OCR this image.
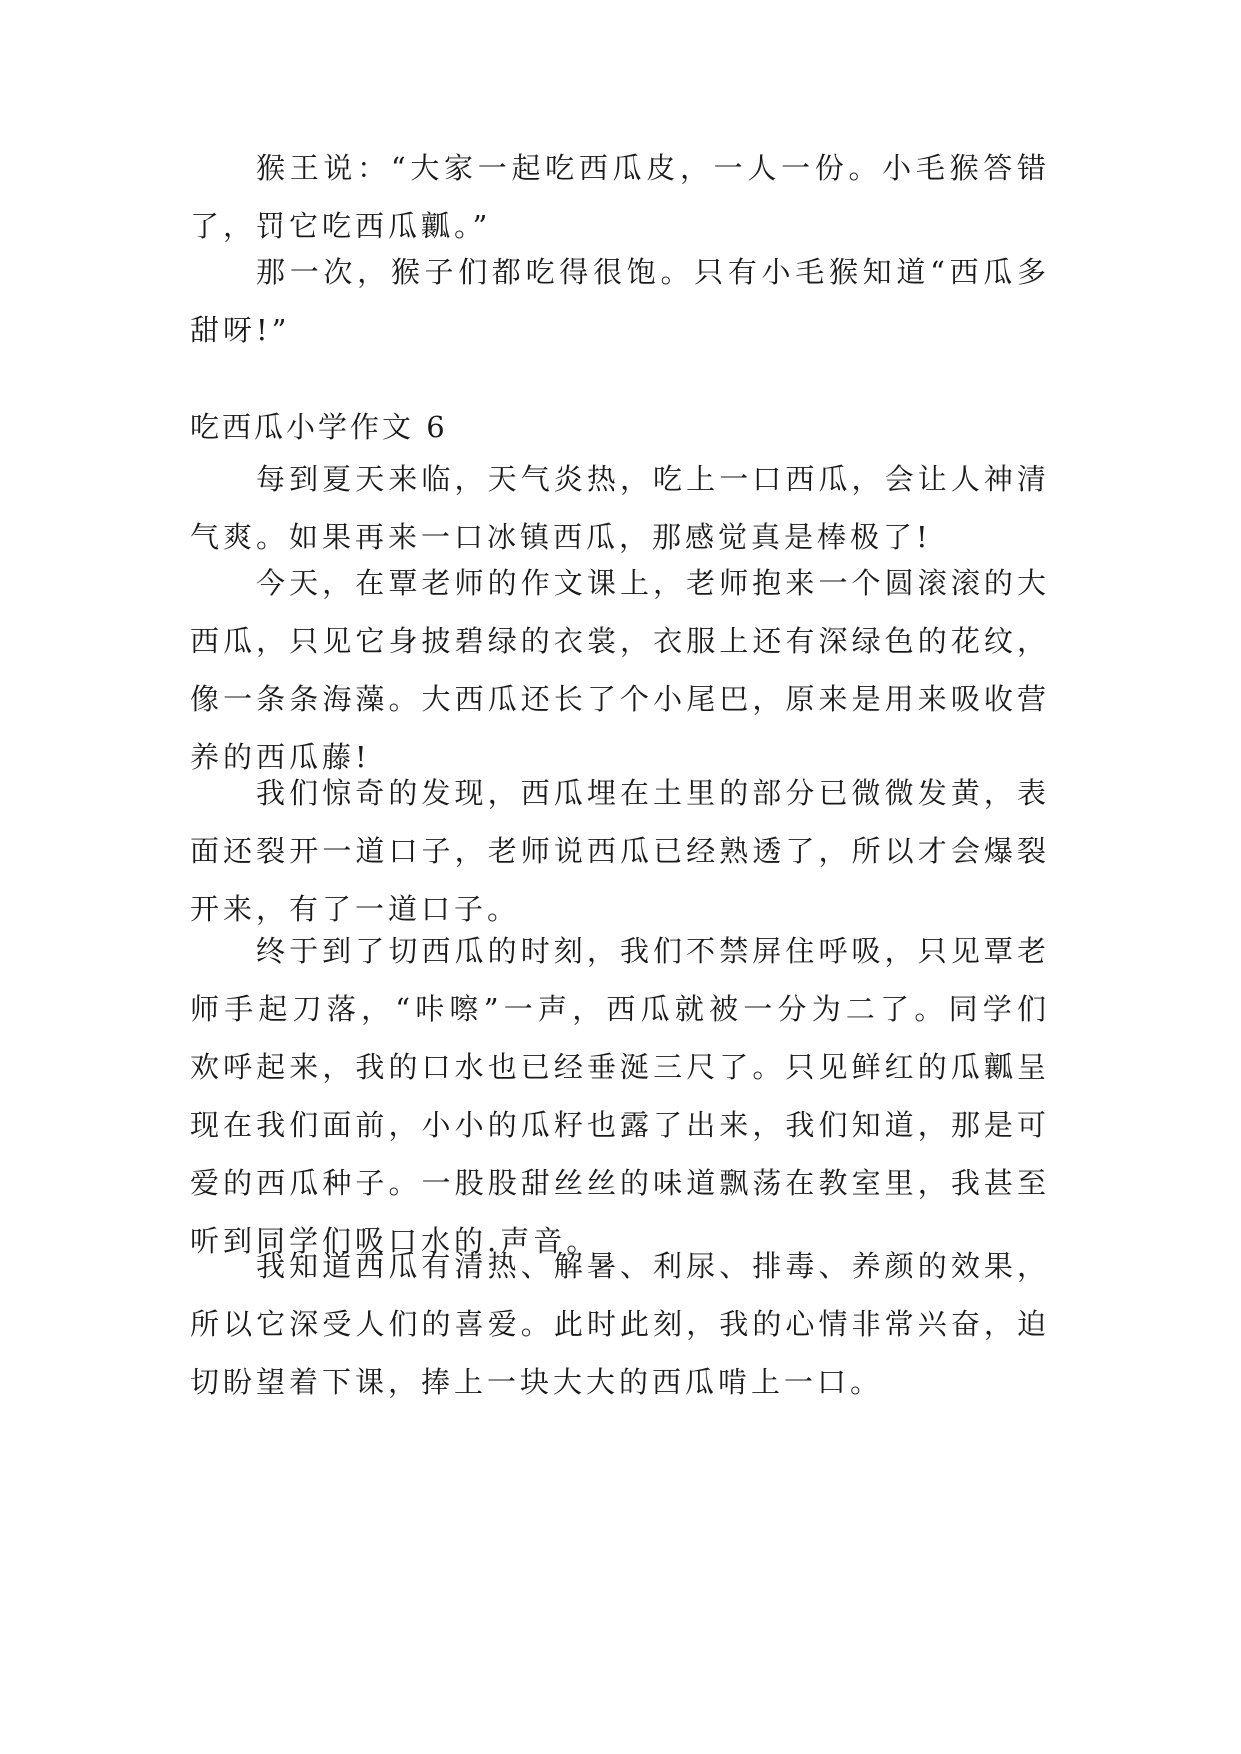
猴王说：“大家一起吃西瓜皮，一人一份。小毛猴答错了，罚它吃西瓜瓤。”

那一次，猴子们都吃得很饱。只有小毛猴知道“西瓜多甜呀!”

吃西瓜小学作文 6

每到夏天来临，天气炎热，吃上一口西瓜，会让人神清气爽。如果再来一口冰镇西瓜，那感觉真是棒极了!

今天，在覃老师的作文课上，老师抱来一个圆滚滚的大西瓜，只见它身披碧绿的衣裳，衣服上还有深绿色的花纹，像一条条海藻。大西瓜还长了个小尾巴，原来是用来吸收营养的西瓜藤!

我们惊奇的发现，西瓜埋在土里的部分已微微发黄，表面还裂开一道口子，老师说西瓜已经熟透了，所以才会爆裂开来，有了一道口子。

终于到了切西瓜的时刻，我们不禁屏住呼吸，只见覃老师手起刀落，“咔嚓”一声，西瓜就被一分为二了。同学们欢呼起来，我的口水也已经垂涎三尺了。只见鲜红的瓜瓤呈现在我们面前，小小的瓜籽也露了出来，我们知道，那是可爱的西瓜种子。一股股甜丝丝的味道飘荡在教室里，我甚至听到同学们吸口水的.声音。

我知道西瓜有清热、解暑、利尿、排毒、养颜的效果，所以它深受人们的喜爱。此时此刻，我的心情非常兴奋，迫切盼望着下课，捧上一块大大的西瓜啃上一口。
